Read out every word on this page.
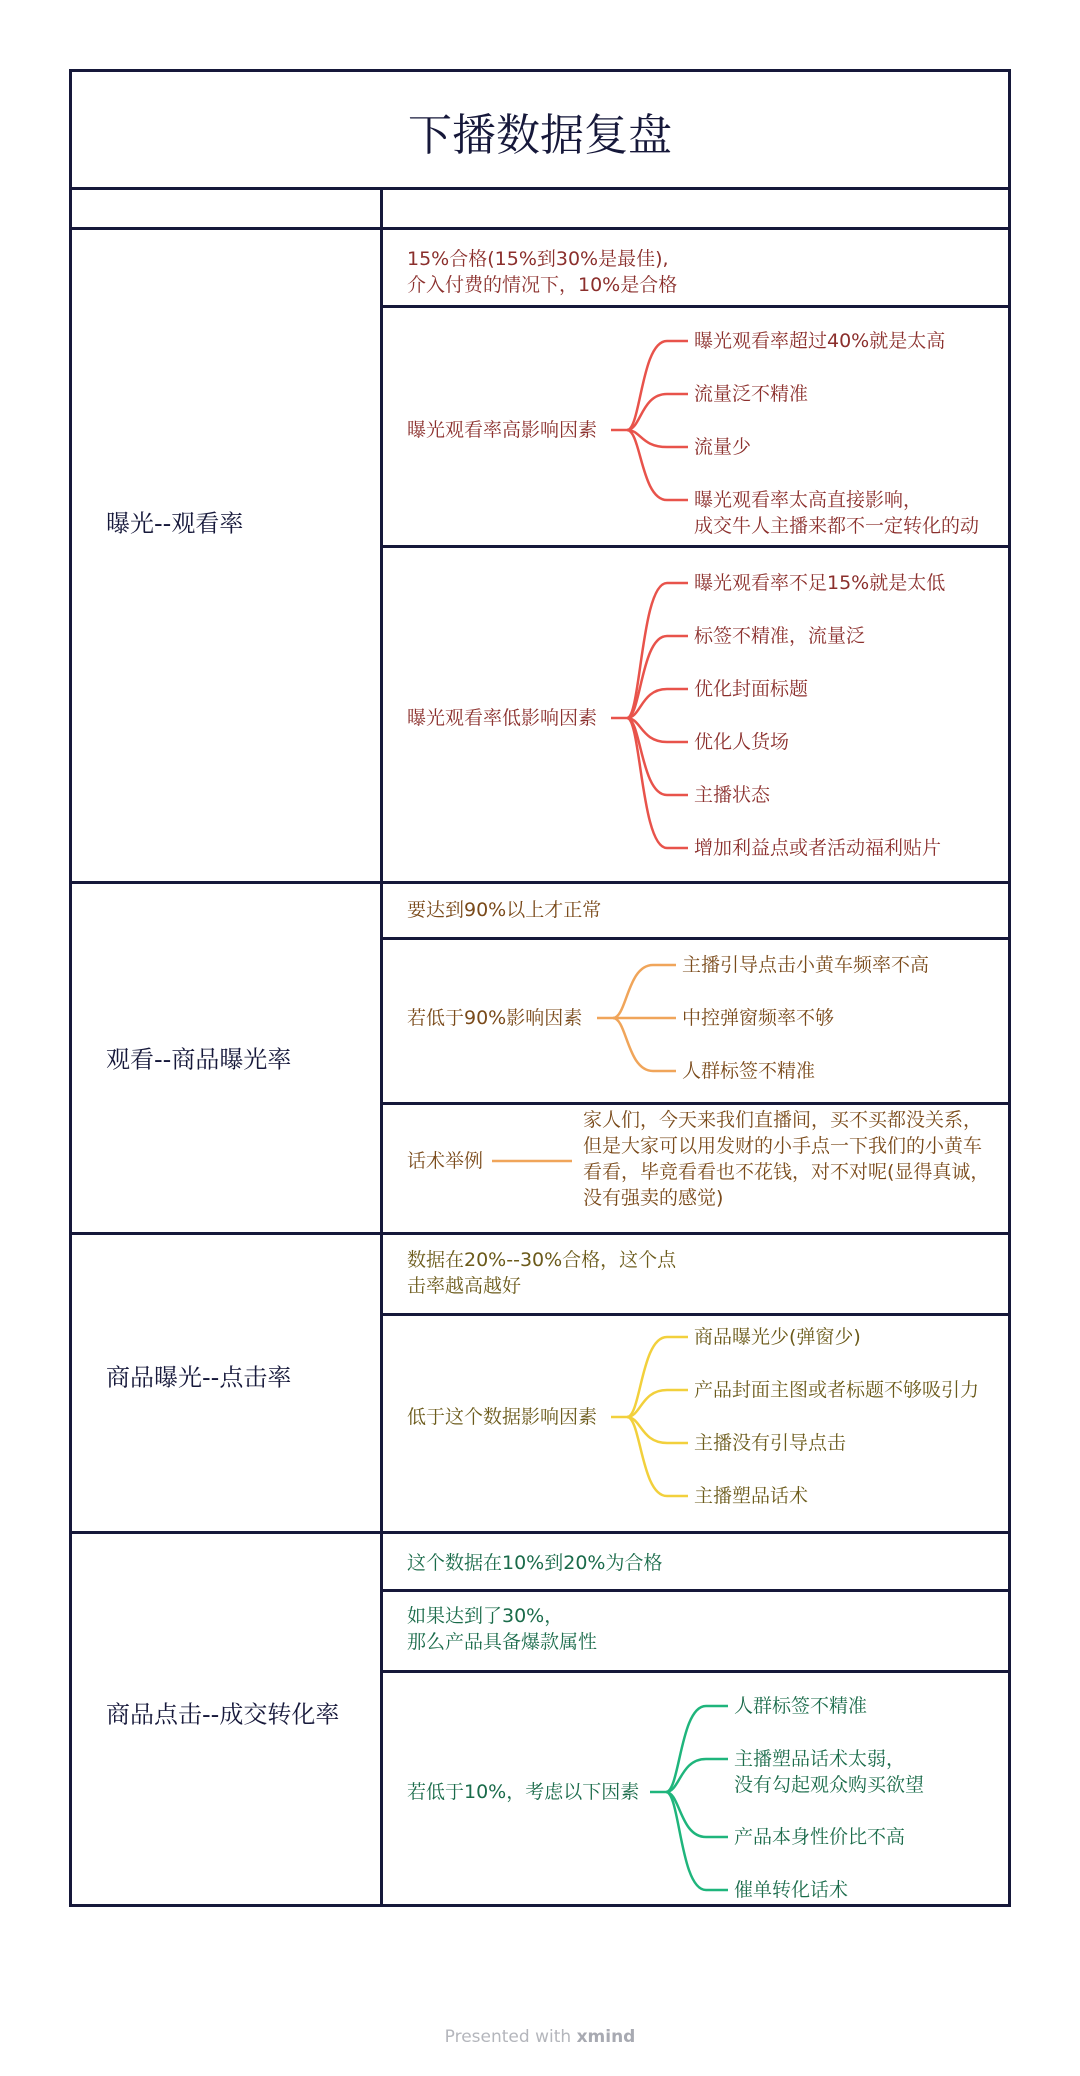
下播数据复盘
曝光--观看率
15%合格(15%到30%是最佳),
介入付费的情况下，10%是合格
曝光观看率高影响因素
曝光观看率超过40%就是太高
流量泛不精准
流量少
曝光观看率太高直接影响，
成交牛人主播来都不一定转化的动
曝光观看率低影响因素
曝光观看率不足15%就是太低
标签不精准，流量泛
优化封面标题
优化人货场
主播状态
增加利益点或者活动福利贴片
观看--商品曝光率
要达到90%以上才正常
若低于90%影响因素
主播引导点击小黄车频率不高
中控弹窗频率不够
人群标签不精准
话术举例
家人们，今天来我们直播间，买不买都没关系，
但是大家可以用发财的小手点一下我们的小黄车
看看，毕竟看看也不花钱，对不对呢(显得真诚，
没有强卖的感觉)
商品曝光--点击率
数据在20%--30%合格，这个点
击率越高越好
低于这个数据影响因素
商品曝光少(弹窗少)
产品封面主图或者标题不够吸引力
主播没有引导点击
主播塑品话术
商品点击--成交转化率
这个数据在10%到20%为合格
如果达到了30%，
那么产品具备爆款属性
若低于10%，考虑以下因素
人群标签不精准
主播塑品话术太弱，
没有勾起观众购买欲望
产品本身性价比不高
催单转化话术
Presented with xmind
